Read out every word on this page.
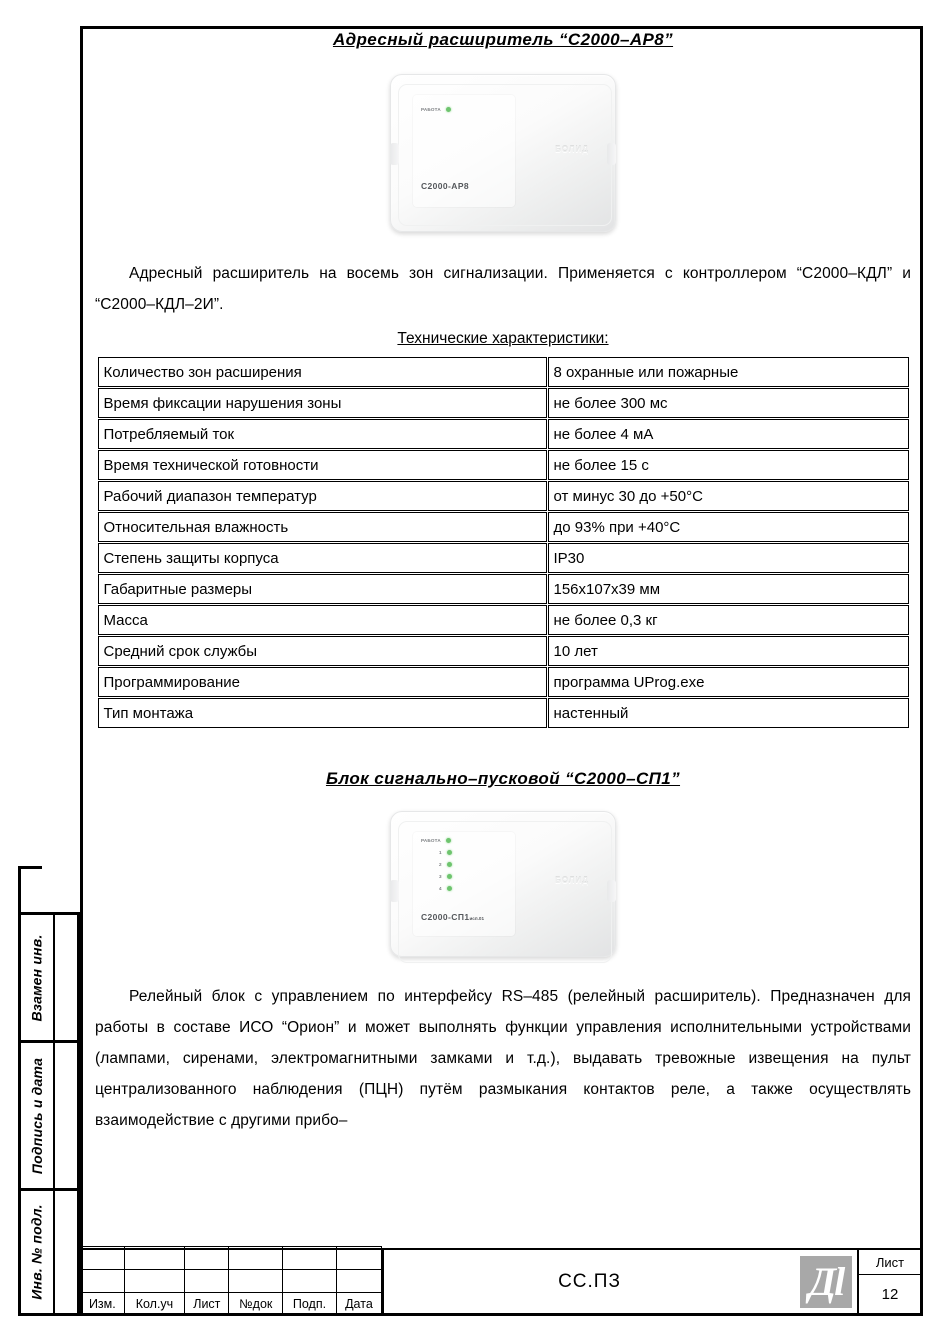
Взамен инв.
Подпись и дата
Инв. № подл.
Адресный расширитель “С2000–АР8”
РАБОТА
С2000-АР8
БОЛИД

Адресный расширитель на восемь зон сигнализации. Применяется с контроллером “С2000–КДЛ” и “С2000–КДЛ–2И”.

Технические характеристики:

Количество зон расширения	8 охранные или пожарные
Время фиксации нарушения зоны	не более 300 мс
Потребляемый ток	не более 4 мА
Время технической готовности	не более 15 с
Рабочий диапазон температур	от минус 30 до +50°С
Относительная влажность	до 93% при +40°С
Степень защиты корпуса	IP30
Габаритные размеры	156х107х39 мм
Масса	не более 0,3 кг
Средний срок службы	10 лет
Программирование	программа UProg.exe
Тип монтажа	настенный
Блок сигнально–пусковой “С2000–СП1”
РАБОТА
1
2
3
4
С2000-СП1исп.01
БОЛИД

Релейный блок с управлением по интерфейсу RS–485 (релейный расширитель). Предназначен для работы в составе ИСО “Орион” и может выполнять функции управления исполнительными устройствами (лампами, сиренами, электромагнитными замками и т.д.), выдавать тревожные извещения на пульт централизованного наблюдения (ПЦН) путём размыкания контактов реле, а также осуществлять взаимодействие с другими прибо–

Изм.	Кол.уч	Лист	№док	Подп.	Дата
СС.ПЗ	Дl	Лист
12
